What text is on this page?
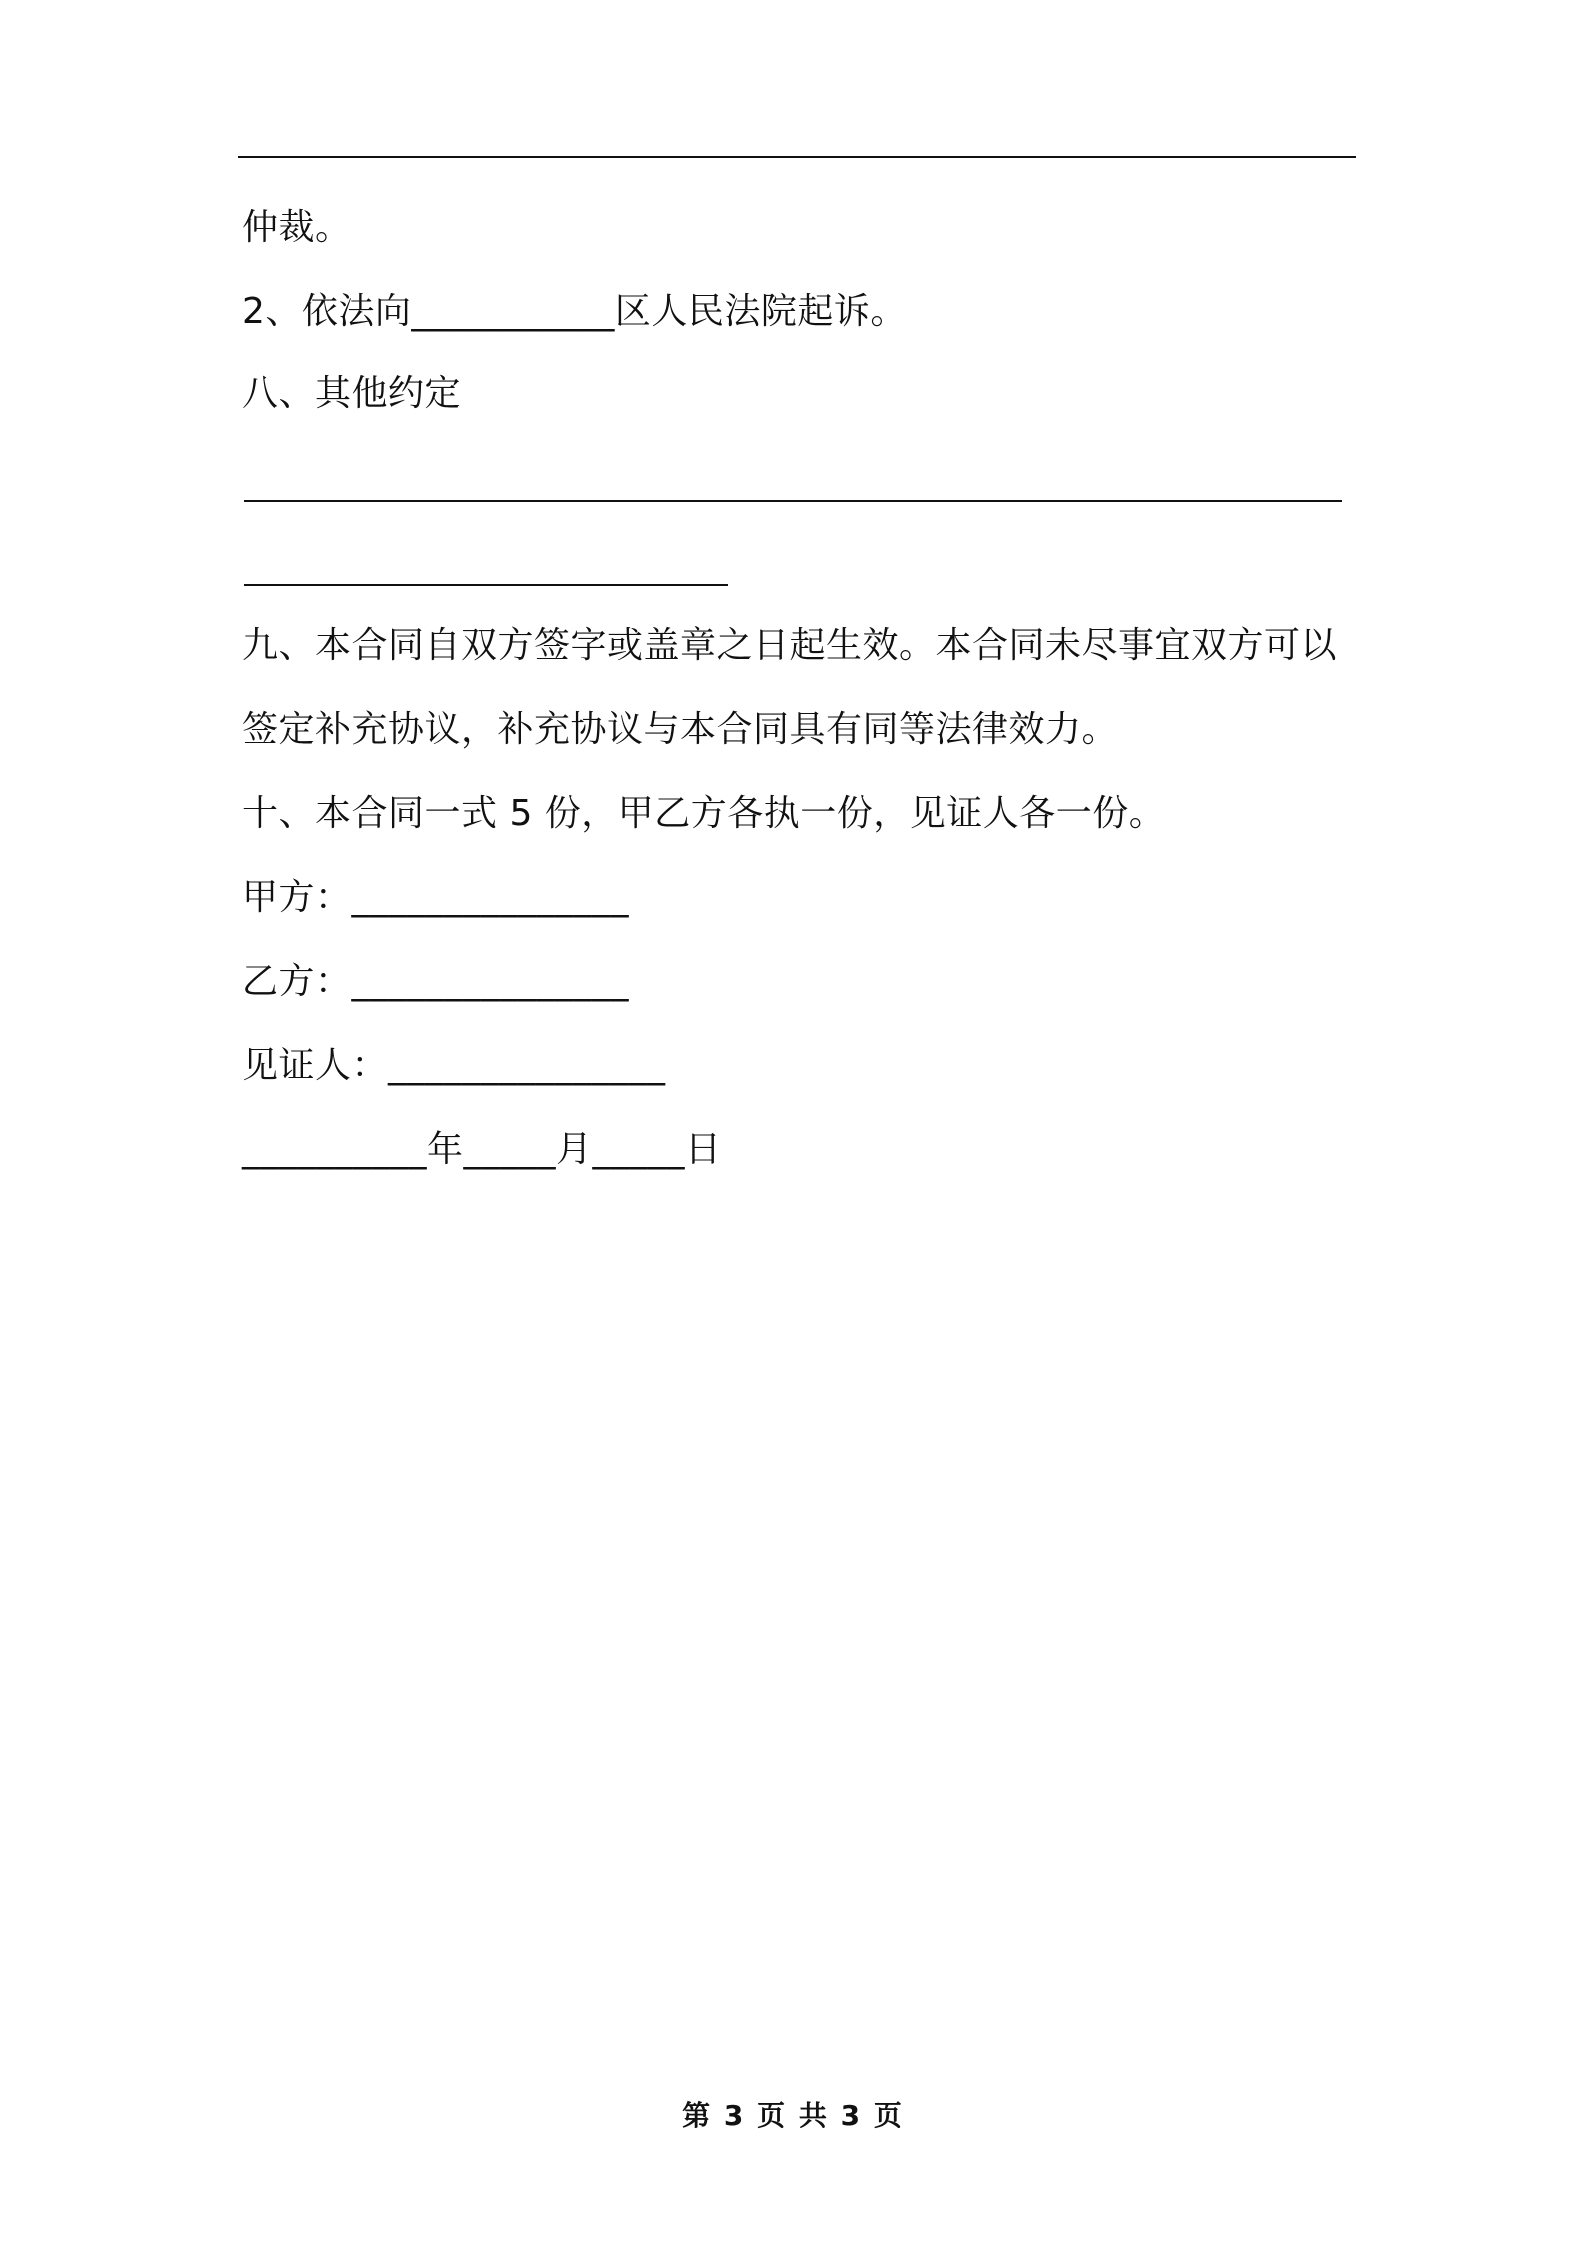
仲裁。
2、依法向___________区人民法院起诉。
八、其他约定
九、本合同自双方签字或盖章之日起生效。本合同未尽事宜双方可以
签定补充协议，补充协议与本合同具有同等法律效力。
十、本合同一式 5 份，甲乙方各执一份，见证人各一份。
甲方：_______________
乙方：_______________
见证人：_______________
__________年_____月_____日
第 3 页 共 3 页
